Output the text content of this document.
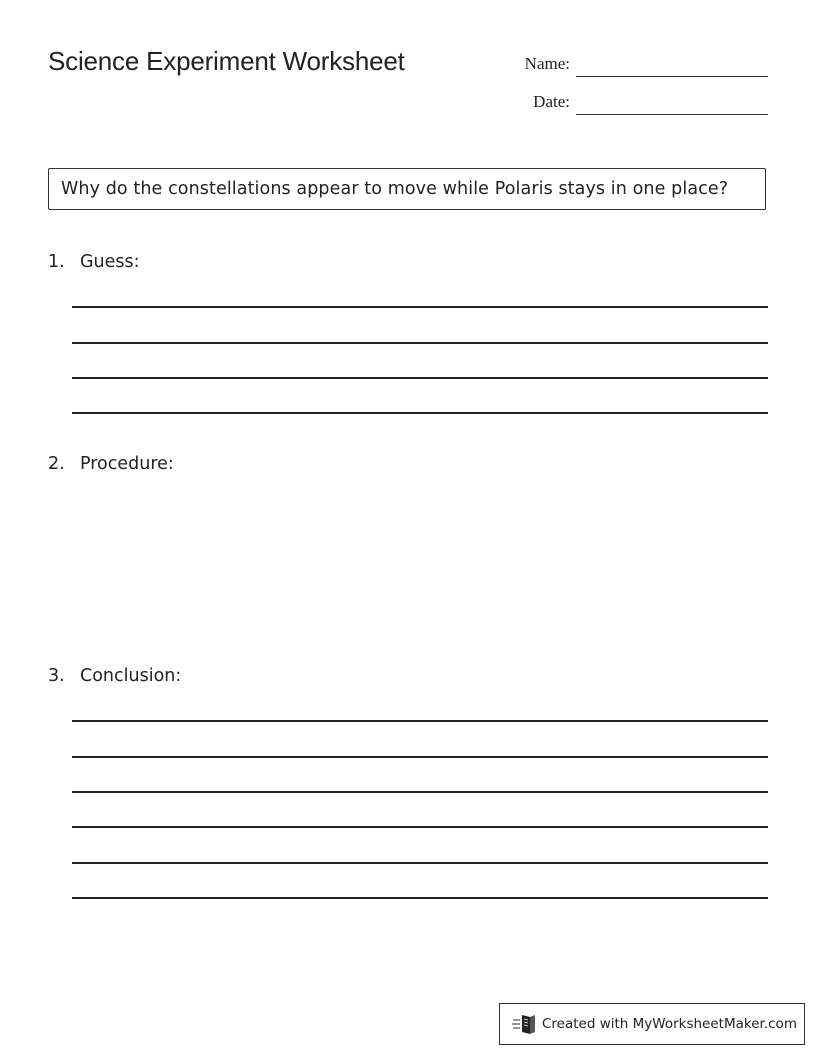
Science Experiment Worksheet	Name:
Date:
Why do the constellations appear to move while Polaris stays in one place?
1. Guess:
2. Procedure:
3. Conclusion:
Created with MyWorksheetMaker.com
